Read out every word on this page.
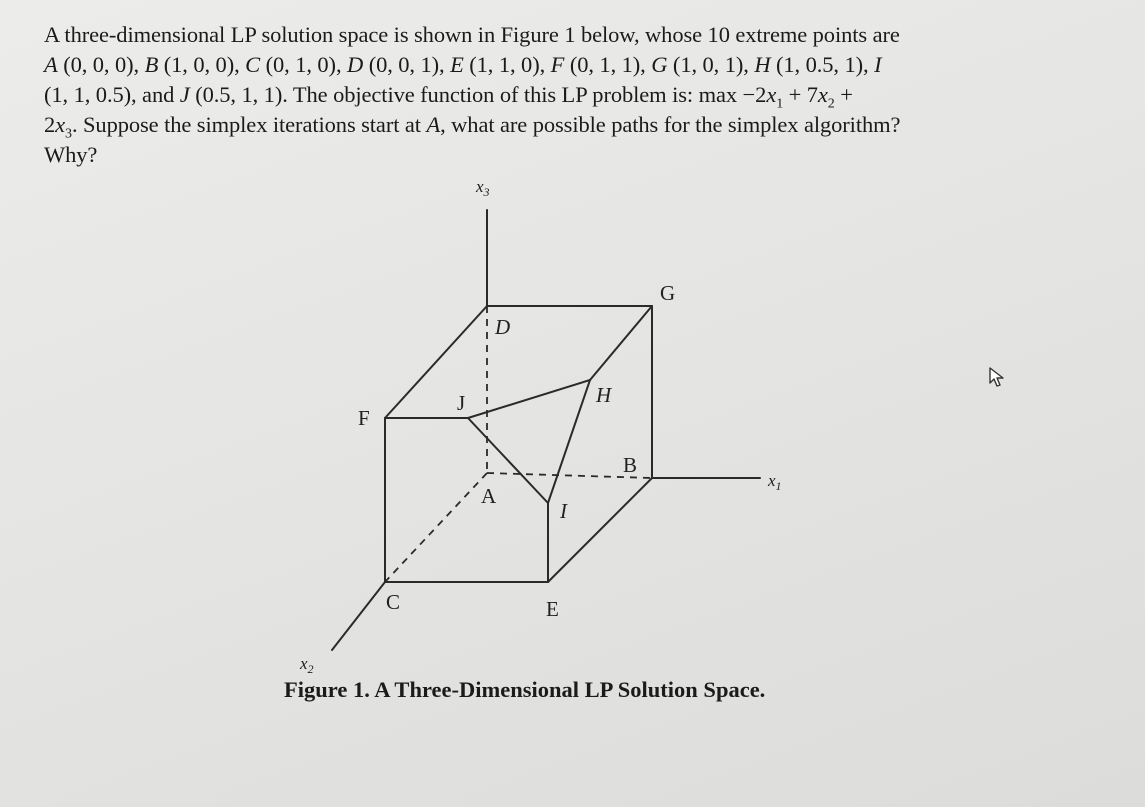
A three-dimensional LP solution space is shown in Figure 1 below, whose 10 extreme points are
A (0, 0, 0), B (1, 0, 0), C (0, 1, 0), D (0, 0, 1), E (1, 1, 0), F (0, 1, 1), G (1, 0, 1), H (1, 0.5, 1), I
(1, 1, 0.5), and J (0.5, 1, 1). The objective function of this LP problem is: $\max -2x_1 + 7x_2$ +
$2x_3$. Suppose the simplex iterations start at A, what are possible paths for the simplex algorithm?
Why?
$x_3$
$x_1$
$x_2$
D
G
F
J	H
B
A
I
C	E
Figure 1. A Three-Dimensional LP Solution Space.
